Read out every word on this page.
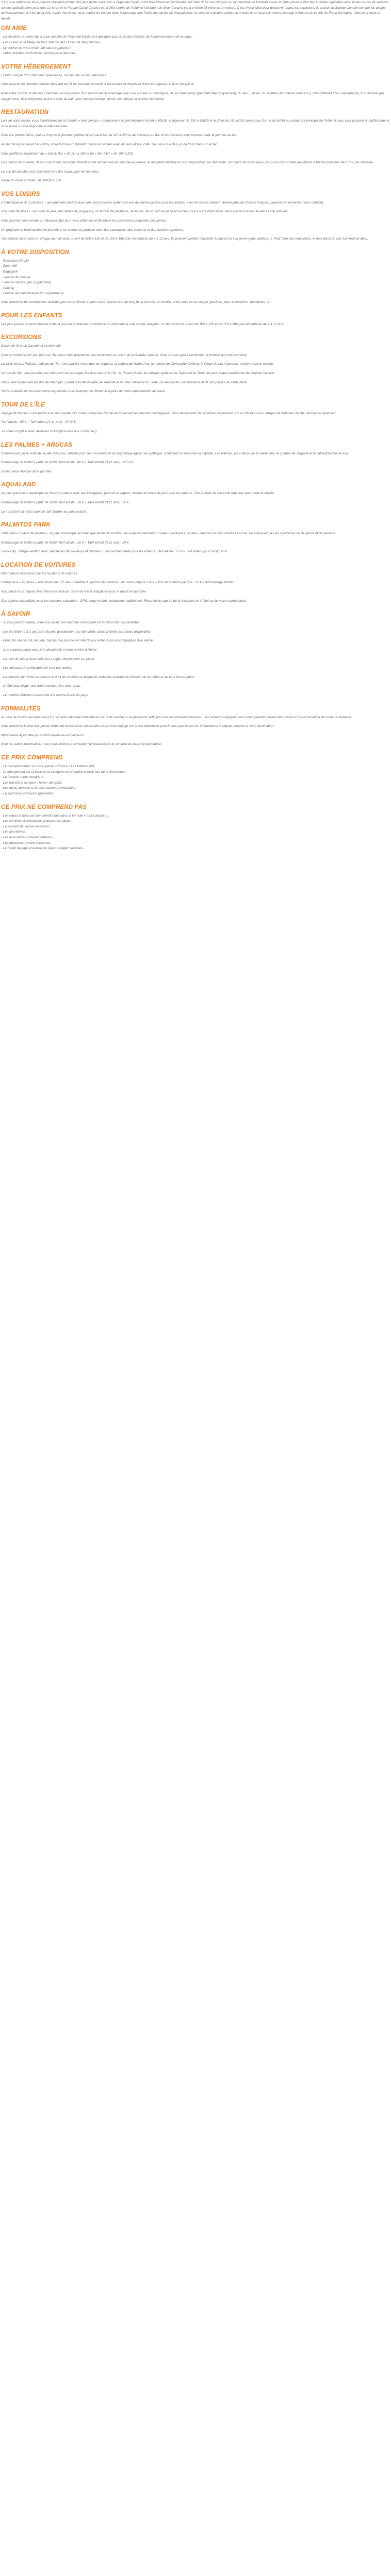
S'il y a un endroit où vous pouvez vraiment profiter des plus belles vacances à Playa del Inglés, c'est bien Vitanova Continental, un hôtel 3* ici tout compris sur la couronne de bouteilles avec enfants pouvant être des journées spéciales avec toutes sortes de services conçus spécialement pour eux. Le large et le Parque Canal Canaria est à 250 mètres de l'hôtel et l'aéroport de Gran Canaria est à environ 35 minutes en voiture. C'est l'hôtel idéal pour découvrir toutes les attractions du sud de la Grande Canarie comme les plages de Maspalomas, à 3 km de la Cité Jardin. Ne devez-vous oublier de trouver dans l'entourage une Partie des dunes de Maspalomas, un endroit vraiment unique au monde et un réservoir naturel protégé à l'entrée de la ville de Playa del Inglés. Idéal pour toute la famille.

ON AIME
- La situation, au cœur de la zone animée de Playa del Inglés et à quelques pas du centre Kasbah, de la promenade et de la plage.
- Les Dunes et la Plage du Parc Naturel des Dunes de Maspalomas
- Le confort de votre hôtel, animaux et galeries !
- Votre chambre confortable, lumineuse et décorée
VOTRE HÉBERGEMENT

L'Hôtel compte 382 chambres spacieuses, lumineuses et bien décorées.

Vous logerez en chambre double standard de 31 m² pouvant accueillir 3 personnes et disposant d'une lits séparés et d'un canapé lit.

Pour votre confort, toutes les chambres sont équipées d'un grand balcon aménagé avec vue sur mer ou montagne, de la climatisation (pendant l'été uniquement), du Wi-Fi, d'une TV satellite (10 chaînes dont TV5), d'un coffre-fort (en supplément), d'un minibar (en supplément), d'un téléphone et d'une salle de bain avec sèche-cheveux, miroir cosmétique et articles de toilette.

RESTAURATION

Lors de votre séjour, vous bénéficierez de la formule « tout compris » comprenant le petit-déjeuner de 8h à 10h30, le déjeuner de 13h à 15h30 et le dîner de 18h à 21h servis sous forme de buffet au restaurant principal de l'hôtel. Il vous sera proposé un buffet varié et riche d'une cuisine régionale et internationale.

Pour vos petites faims, tout au long de la journée, profitez d'un snack-bar de 11h à 23h et de boissons au bar et les boissons sont incluses toute la journée au bar.

Au bar de la piscine et bar Lobby, votre formule comprend : boissons locales avec et sans alcool, café, thé, ainsi que des jus de fruits frais sur le bar.

Vous profiterez également du « Snack Bar » de 11h à 18h et du « Bar 24/7 » de 10h à 23h.

Des glaces en journée, des en-cas et des boissons chaudes sont servies tout au long de la journée, et des plats diététiques sont disponibles sur demande : Au cours de votre séjour, vous pourrez profiter des dîners à thème proposés deux fois par semaine.

Le port de pantalon est obligatoire lors des repas pour les hommes.

Heure du dîner à l'hôtel : de 18h30 à 21h.

VOS LOISIRS

L'hôtel dispose de 2 piscines – une première piscine avec une zone pour les enfants et une deuxième piscine pour les adultes, avec terrasses solarium aménagées de chaises longues, parasols et serviettes (sous caution).

Une salle de fitness, une salle de jeux, des tables de ping-pong, un terrain de pétanque, de tennis, de squash et de beach-volley sont à votre disposition, ainsi que la location de vélos et de voitures.

Vous pourrez vous rendre au Vitanova Spa pour vous détendre et découvrir les prestations proposées (payantes).

Un programme d'animations en journée et en soirée est proposé avec des spectacles, des concerts et des activités sportives.

Vos enfants seront pris en charge au mini-club, ouvert de 10h à 13h et de 15h à 18h pour les enfants de 4 à 12 ans. Ils pourront profiter d'activités ludiques en tout genre (jeux, ateliers...). Pour faire des rencontres, le mini-disco du soir est l'endroit idéal.

À VOTRE DISPOSITION
- Réception 24h/24
- Zone Wifi
- Bagagerie
- Service de change
- Service médical (en supplément)
- Parking
- Service de blanchisserie (en supplément)

Vous trouverez de nombreuses activités pour vous divertir et pour vous reposer tout au long de la journée, en famille, entre amis ou en couple (piscines, jeux, animations, spectacles...).

POUR LES ENFANTS

Les plus jeunes pourront trouver toute la journée à Vitanova Continental un mini-club et une piscine adaptée. Le Mini-club est ouvert de 10h à 13h et de 15h à 18h pour les enfants de 4 à 12 ans.

EXCURSIONS

Découvrir Grande Canarie et sa diversité

Pour en connaître un peu plus sur l'île, nous vous proposons des excursions au cœur de la Grande Canarie. Vous n'aurez qu'à sélectionner la formule qui vous convient :

La visite de Las Palmas, capitale de l'île : son quartier historique de Vegueta, la cathédrale Santa Ana, la maison de Christophe Colomb, la Plage de Las Canteras, et bien d'autres encore.

Le tour de l'île : une journée pour découvrir les paysages les plus beaux de l'île : le Roque Nublo, les villages typiques de Tejeda et de Teror, les plus beaux panoramas de Grande Canarie.

Découvrez également les îles de l'archipel : partez à la découverte de Tenerife et du Parc National du Teide, ou encore de Fuerteventura et de ses plages de sable blanc.

Tarifs et détails de ces excursions disponibles à la réception de l'hôtel ou auprès de notre représentant sur place.

TOUR DE L'ÎLE

Voyage de Nicolas, vous partez à la découverte des routes sinueuses de l'île en traversant les massifs montagneux. Vous découvrirez de superbes panoramas sur la côte et sur les villages de l'intérieur de l'île. Ambiance garantie !

Tarif adulte : 55 € – Tarif enfant (3-11 ans) : 27,50 €

Journée complète avec déjeuner inclus (boissons non comprises).

LES PALMES + ARUCAS

Commencez par la visite de la ville d'Arucas, célèbre pour ses rhumeries et sa magnifique église néo-gothique. Continuez ensuite vers la capitale, Las Palmas, pour découvrir la vieille ville, le quartier de Vegueta et la cathédrale Santa Ana.

Ramassage de l'hôtel à partir de 8h30. Tarif adulte : 45 € – Tarif enfant (3-11 ans) : 22,50 €

Dîner: selon l'horaire de la journée.

AQUALAND

Le plus grand parc aquatique de l'île vous attend avec ses toboggans, piscines à vagues, rivières et zones de jeux pour les enfants. Une journée de fun et de fraîcheur pour toute la famille.

Ramassage de l'hôtel à partir de 9h30. Tarif adulte : 30 € – Tarif enfant (3-11 ans) : 22 €

Le transport est inclus dans le tarif. Entrée au parc incluse.

PALMITOS PARK

Situé dans un ravin de palmiers, ce parc zoologique et botanique abrite de nombreuses espèces animales : oiseaux exotiques, reptiles, dauphins et bien d'autres encore. Ne manquez pas les spectacles de dauphins et de rapaces.

Ramassage de l'hôtel à partir de 9h30. Tarif adulte : 32 € – Tarif enfant (3-11 ans) : 24 €

Sioux City : village western avec spectacles de cow-boys et d'indiens, une journée idéale pour les enfants. Tarif adulte : 27 € – Tarif enfant (3-11 ans) : 18 €

LOCATION DE VOITURES

Informations indicatives sur les locations de voitures :

Catégorie A – 5 places – Age minimum : 21 ans – Validité du permis de conduire : au moins depuis 2 ans – Prix de location par jour : 35 € – Kilométrage illimité.

Assurance tous risques avec franchise incluse. Carte de crédit obligatoire pour le dépôt de garantie.

Des options disponibles pour les locations suivantes : GPS, siège enfant, conducteur additionnel. Réservation auprès de la réception de l'hôtel ou de notre représentant.

À SAVOIR

- Si vous partez seul(e), votre prix inclut une chambre individuelle en fonction des disponibilités.

- Les lits bébé (0 à 2 ans) sont fournis gratuitement sur demande, dans la limite des stocks disponibles.

- Pour des raisons de sécurité, l'accès à la piscine est interdit aux enfants non accompagnés d'un adulte.

- Une caution pourra vous être demandée à votre arrivée à l'hôtel.

- La taxe de séjour éventuelle est à régler directement sur place.

- Les animaux de compagnie ne sont pas admis.

- La direction de l'hôtel se réserve le droit de modifier ou d'annuler certaines activités en fonction de la météo et du taux d'occupation.

- L'hôtel peut exiger une tenue correcte lors des repas.

- Le nombre d'étoiles correspond à la norme locale du pays.

FORMALITÉS

Au sein de l'Union européenne (UE), la carte nationale d'identité en cours de validité ou le passeport suffit pour les ressortissants français. Les mineurs voyageant sans leurs parents doivent être munis d'une autorisation de sortie du territoire.

Vous trouverez la liste des pièces d'identité et des visas nécessaires pour votre voyage sur le site diplomatie.gouv.fr ainsi que toutes les informations pratiques relatives à votre destination.

https://www.diplomatie.gouv.fr/fr/conseils-aux-voyageurs/

Pour les autres nationalités, nous vous invitons à consulter l'ambassade ou le consulat du pays de destination.

CE PRIX COMPREND
- Le transport aérien sur vols spéciaux France / Las Palmas A/R,
- L'hébergement sur la base de la catégorie de chambre choisie lors de la réservation,
- La formule « tout compris »,
- Les transferts aéroport / hôtel / aéroport,
- Les taxes aéroport et la taxe carbone (révisables),
- La surcharge carburant (révisable).
CE PRIX NE COMPREND PAS
- Les repas et boissons non mentionnés dans la formule « tout compris »,
- Les services et excursions proposés sur place,
- La location de voiture en option,
- Les pourboires,
- Les assurances complémentaires,
- Les dépenses d'ordre personnel,
- Le forfait bagage et la taxe de séjour à régler sur place.
